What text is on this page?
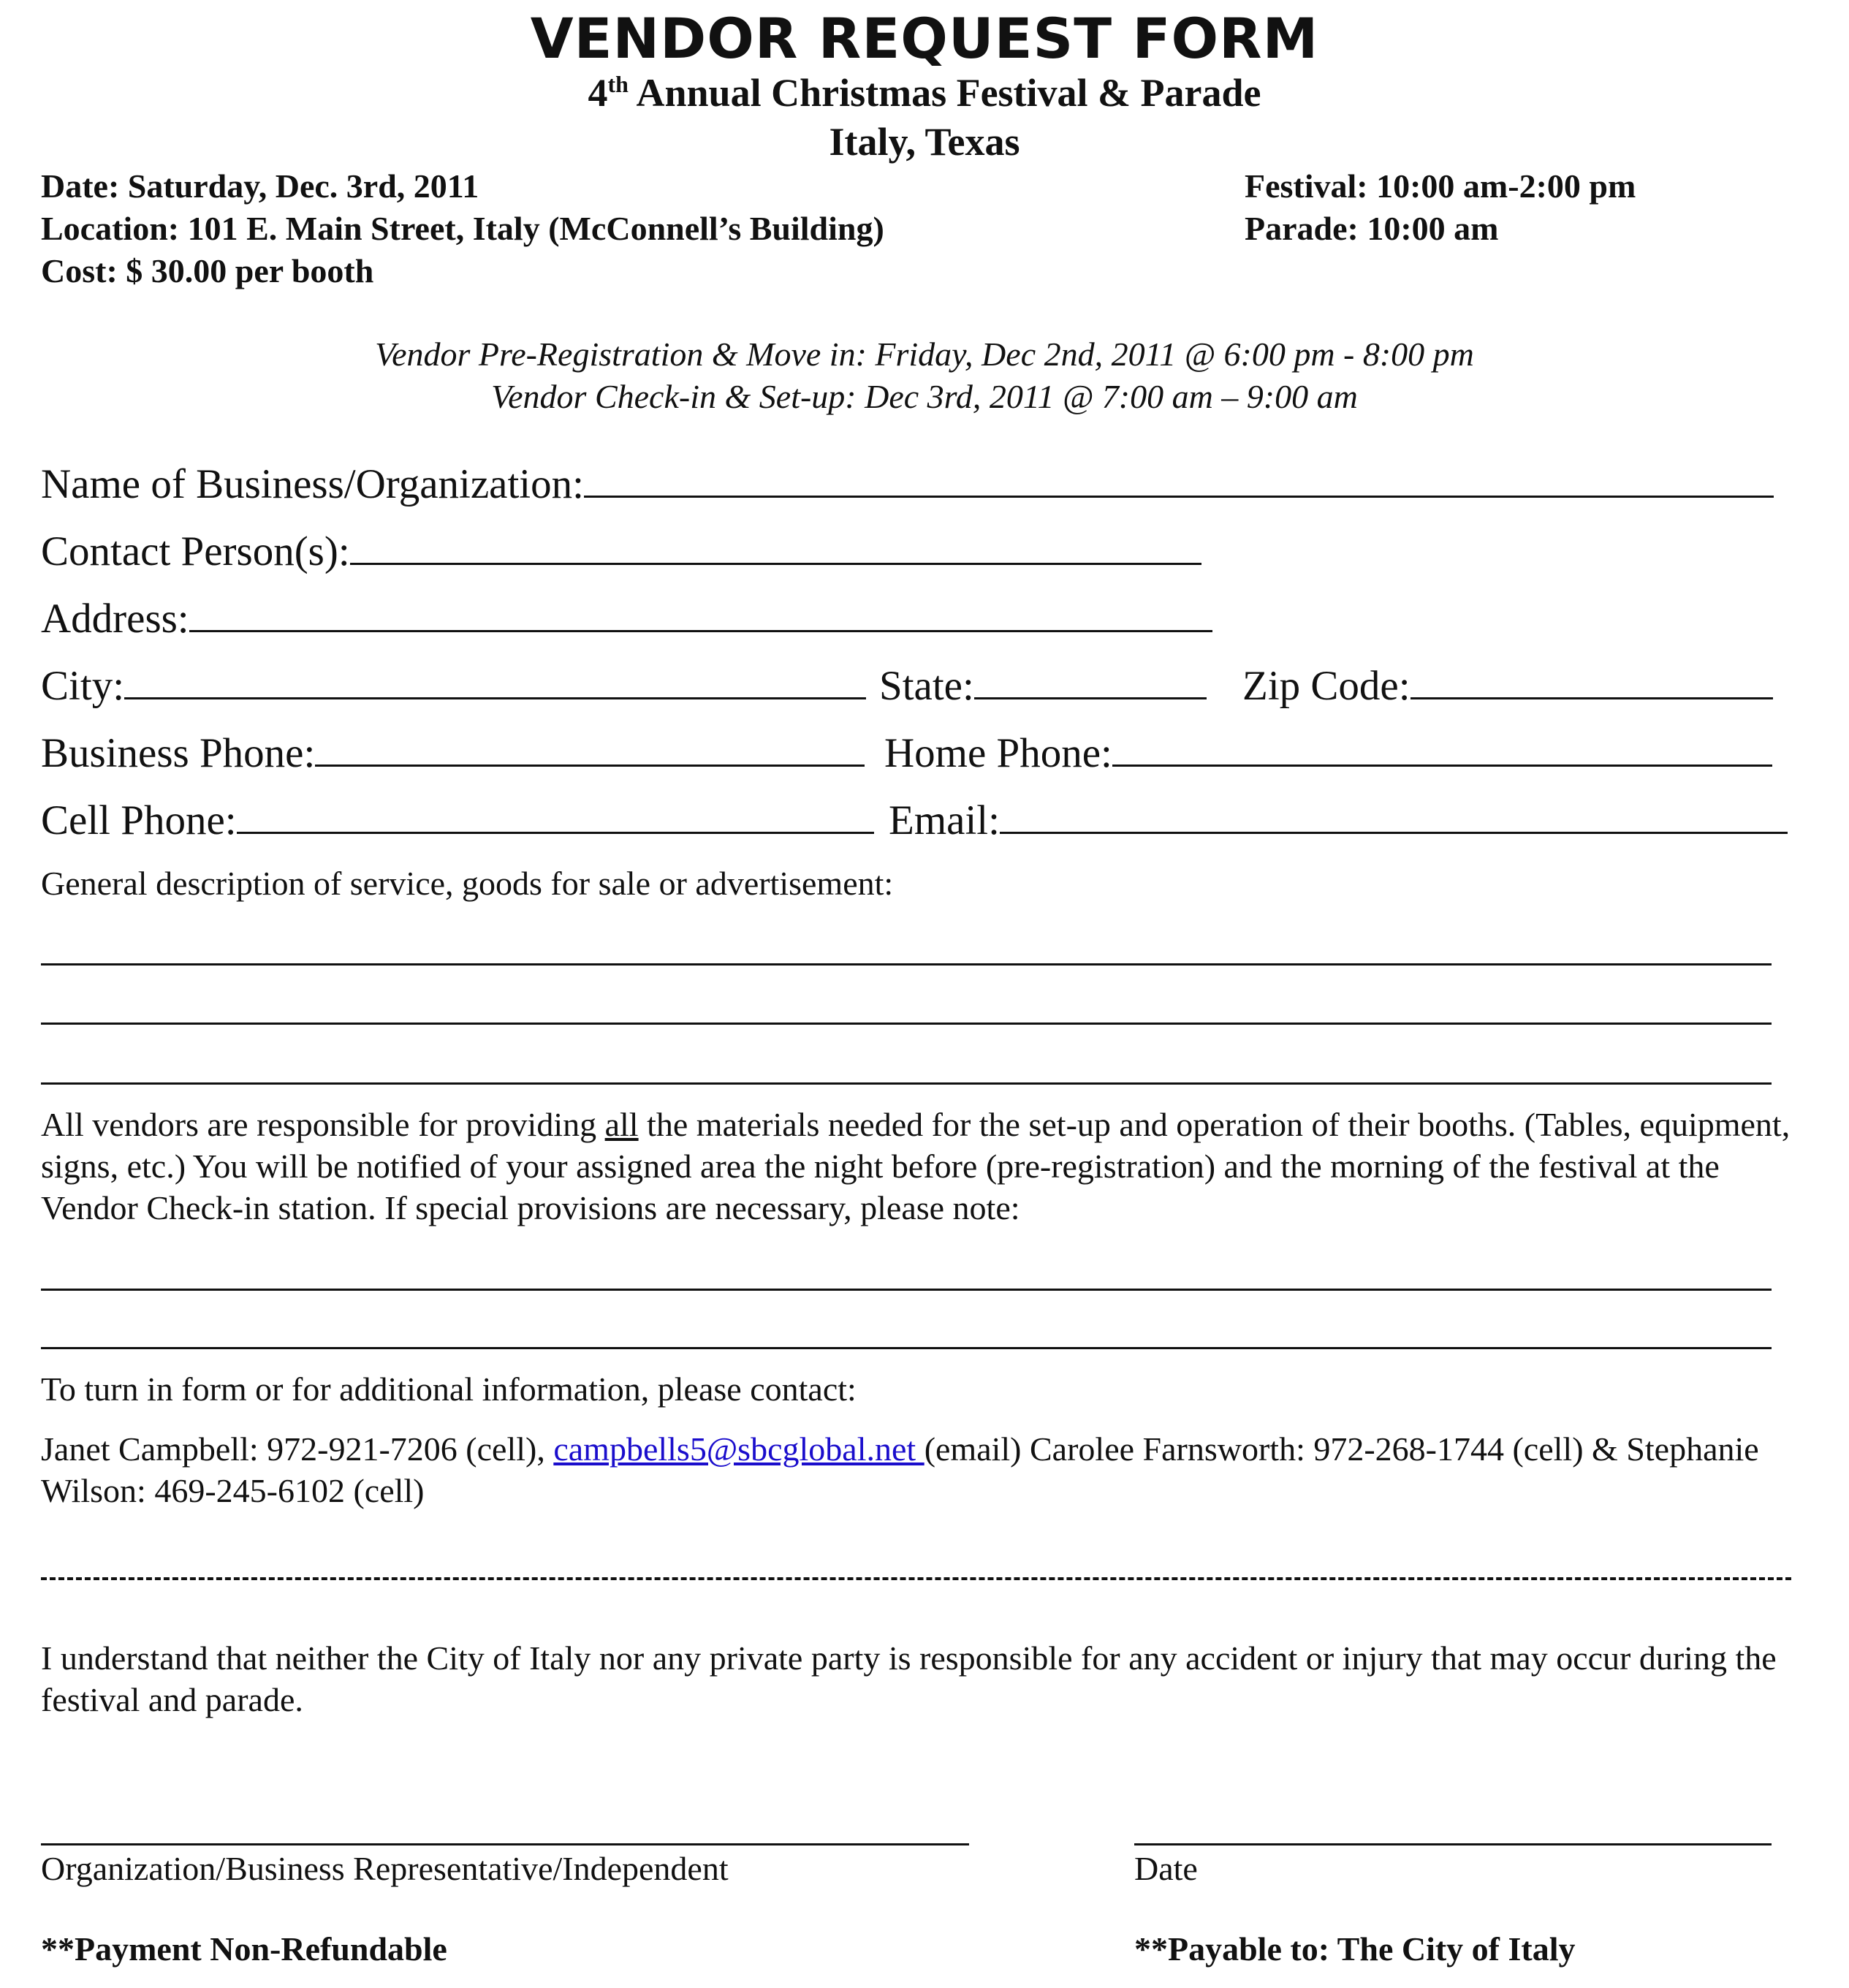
VENDOR REQUEST FORM
4th Annual Christmas Festival & Parade
Italy, Texas
Date: Saturday, Dec. 3rd, 2011
Location: 101 E. Main Street, Italy (McConnell’s Building)
Cost: $ 30.00 per booth
Festival: 10:00 am-2:00 pm
Parade: 10:00 am
Vendor Pre-Registration & Move in: Friday, Dec 2nd, 2011 @ 6:00 pm - 8:00 pm
Vendor Check-in & Set-up: Dec 3rd, 2011 @ 7:00 am – 9:00 am
Name of Business/Organization:
Contact Person(s):
Address:
City:	State:	Zip Code:
Business Phone:	Home Phone:
Cell Phone:	Email:
General description of service, goods for sale or advertisement:
All vendors are responsible for providing all the materials needed for the set-up and operation of their booths. (Tables, equipment, signs, etc.) You will be notified of your assigned area the night before (pre-registration) and the morning of the festival at the Vendor Check-in station. If special provisions are necessary, please note:
To turn in form or for additional information, please contact:
Janet Campbell: 972-921-7206 (cell), campbells5@sbcglobal.net (email) Carolee Farnsworth: 972-268-1744 (cell) & Stephanie Wilson: 469-245-6102 (cell)
I understand that neither the City of Italy nor any private party is responsible for any accident or injury that may occur during the festival and parade.
Organization/Business Representative/Independent	Date
**Payment Non-Refundable	**Payable to: The City of Italy
